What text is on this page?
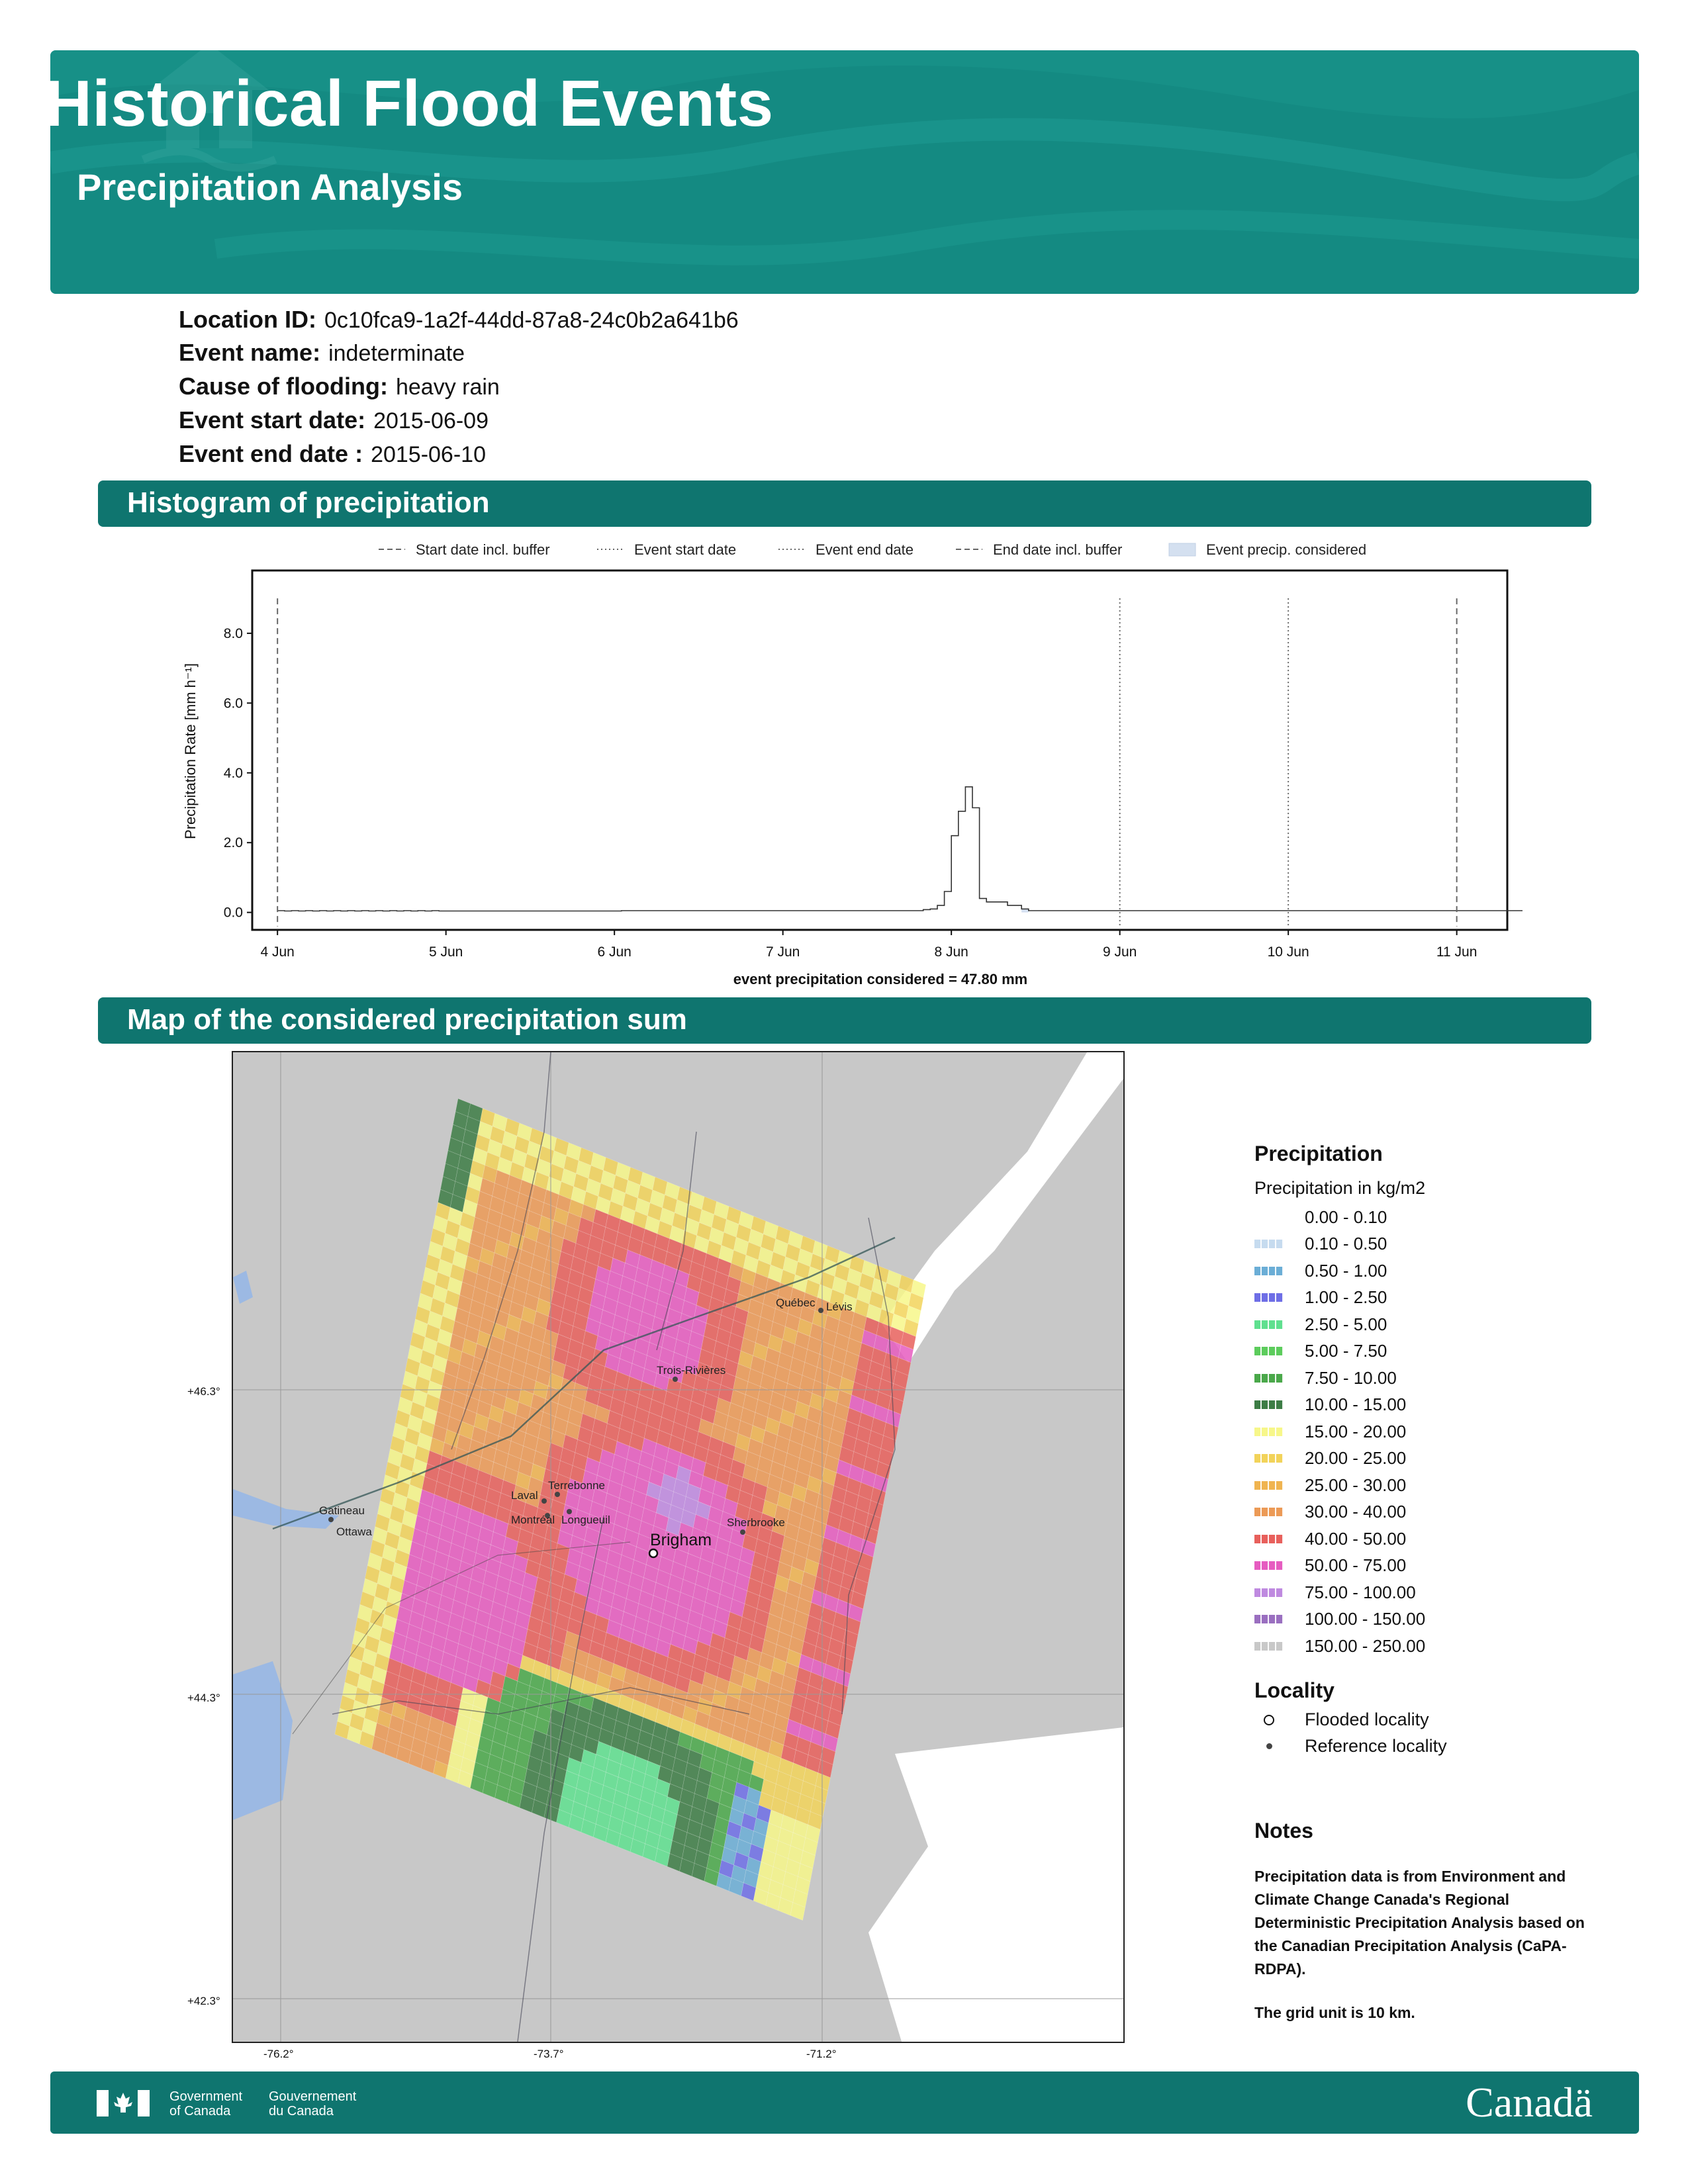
Historical Flood Events
Precipitation Analysis
Location ID: 0c10fca9-1a2f-44dd-87a8-24c0b2a641b6
Event name: indeterminate
Cause of flooding: heavy rain
Event start date: 2015-06-09
Event end date : 2015-06-10
Histogram of precipitation
Start date incl. buffer	Event start date	Event end date	End date incl. buffer	Event precip. considered
0.0
2.0
4.0
6.0
8.0
4 Jun	5 Jun	6 Jun	7 Jun	8 Jun	9 Jun	10 Jun	11 Jun
Precipitation Rate [mm h⁻¹]
event precipitation considered = 47.80 mm
Map of the considered precipitation sum
Québec Lévis
Trois-Rivières
Laval
Terrebonne
Montréal Longueuil	Sherbrooke
Gatineau
Ottawa	Brigham
+46.3°
+44.3°
+42.3°
-76.2°	-73.7°	-71.2°
Precipitation
Precipitation in kg/m2
0.00 - 0.10
0.10 - 0.50
0.50 - 1.00
1.00 - 2.50
2.50 - 5.00
5.00 - 7.50
7.50 - 10.00
10.00 - 15.00
15.00 - 20.00
20.00 - 25.00
25.00 - 30.00
30.00 - 40.00
40.00 - 50.00
50.00 - 75.00
75.00 - 100.00
100.00 - 150.00
150.00 - 250.00
Locality
Flooded locality
Reference locality
Notes
Precipitation data is from Environment and Climate Change Canada's Regional Deterministic Precipitation Analysis based on the Canadian Precipitation Analysis (CaPA-RDPA).
The grid unit is 10 km.
Government
of Canada
Gouvernement
du Canada	Canadä
